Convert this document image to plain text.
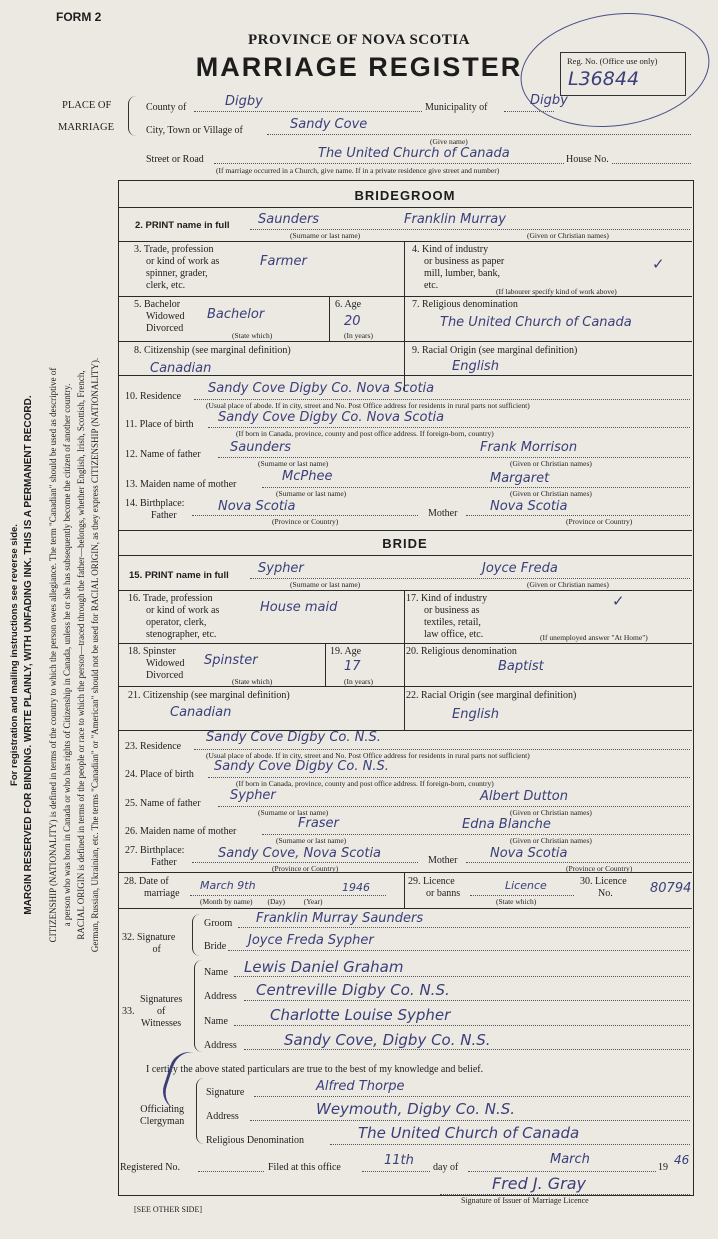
FORM 2
PROVINCE OF NOVA SCOTIA
MARRIAGE REGISTER	Reg. No. (Office use only)
L36844
PLACE OF
MARRIAGE
County of	Digby	Municipality of	Digby
City, Town or Village of	Sandy Cove
(Give name)
Street or Road	The United Church of Canada	House No.
(If marriage occurred in a Church, give name. If in a private residence give street and number)
BRIDEGROOM
2. PRINT name in full Saunders	Franklin Murray
(Surname or last name)	(Given or Christian names)
3. Trade, profession
or kind of work as
spinner, grader,
clerk, etc.
Farmer
4. Kind of industry
or business as paper
mill, lumber, bank,
etc.
✓
(If labourer specify kind of work above)
5. Bachelor
Widowed
Divorced
Bachelor
(State which)
6. Age
20
(In years)
7. Religious denomination
The United Church of Canada
8. Citizenship (see marginal definition)
Canadian
9. Racial Origin (see marginal definition)
English
10. Residence
Sandy Cove Digby Co. Nova Scotia
(Usual place of abode. If in city, street and No. Post Office address for residents in rural parts not sufficient)
11. Place of birth Sandy Cove Digby Co. Nova Scotia
(If born in Canada, province, county and post office address. If foreign-born, country)
12. Name of father Saunders	Frank Morrison
(Surname or last name)	(Given or Christian names)
13. Maiden name of mother
McPhee	Margaret
(Surname or last name)	(Given or Christian names)
14. Birthplace:
Father
Nova Scotia
(Province or Country)
Mother	Nova Scotia
(Province or Country)
BRIDE
15. PRINT name in full Sypher	Joyce Freda
(Surname or last name)	(Given or Christian names)
16. Trade, profession
or kind of work as
operator, clerk,
stenographer, etc.
House maid
17. Kind of industry
or business as
textiles, retail,
law office, etc.
✓
(If unemployed answer "At Home")
18. Spinster
Widowed
Divorced
Spinster
(State which)
19. Age
17
(In years)
20. Religious denomination
Baptist
21. Citizenship (see marginal definition)
Canadian
22. Racial Origin (see marginal definition)
English
23. Residence
Sandy Cove Digby Co. N.S.
(Usual place of abode. If in city, street and No. Post Office address for residents in rural parts not sufficient)
24. Place of birth
Sandy Cove Digby Co. N.S.
(If born in Canada, province, county and post office address. If foreign-born, country)
25. Name of father
Sypher	Albert Dutton
(Surname or last name)	(Given or Christian names)
26. Maiden name of mother
Fraser	Edna Blanche
(Surname or last name)	(Given or Christian names)
27. Birthplace:
Father
Sandy Cove, Nova Scotia
(Province or Country)
Mother	Nova Scotia
(Province or Country)
28. Date of
marriage
March 9th	1946
(Month by name)        (Day)          (Year)
29. Licence
or banns
Licence
(State which)
30. Licence
No.	80794
32. Signature
of
Groom Franklin Murray Saunders
Bride Joyce Freda Sypher
Signatures
of
Witnesses
33.
Name Lewis Daniel Graham
Address Centreville Digby Co. N.S.
Name	Charlotte Louise Sypher
Address	Sandy Cove, Digby Co. N.S.
I certify the above stated particulars are true to the best of my knowledge and belief.
Officiating
Clergyman
Signature	Alfred Thorpe
Address	Weymouth, Digby Co. N.S.
Religious Denomination	The United Church of Canada
Registered No.	Filed at this office	11th day of
March
19
46
Fred J. Gray
Signature of Issuer of Marriage Licence
[SEE OTHER SIDE]
For registration and mailing instructions see reverse side. MARGIN RESERVED FOR BINDING. WRITE PLAINLY, WITH UNFADING INK. THIS IS A PERMANENT RECORD. CITIZENSHIP (NATIONALITY) is defined in terms of the country to which the person owes allegiance. The term "Canadian" should be used as descriptive of a person who was born in Canada or who has rights of Citizenship in Canada, unless he or she has subsequently become the citizen of another country. RACIAL ORIGIN is defined in terms of the people or race to which the person—traced through the father—belongs, whether English, Irish, Scottish, French, German, Russian, Ukrainian, etc. The terms "Canadian" or "American" should not be used for RACIAL ORIGIN, as they express CITIZENSHIP (NATIONALITY).
